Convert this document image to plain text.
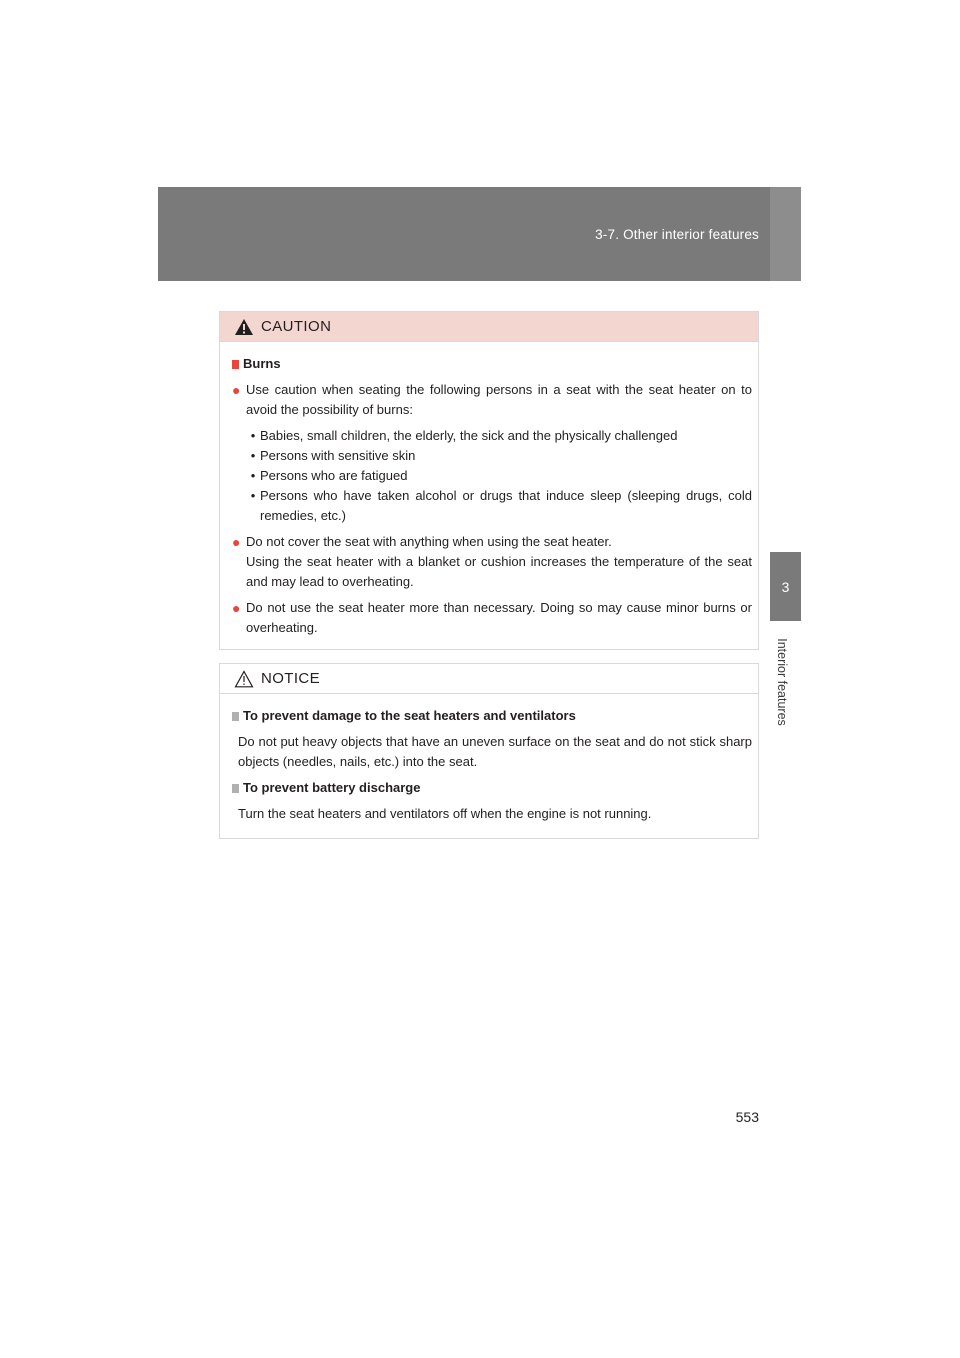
3-7. Other interior features
3
Interior features
CAUTION
Burns
● Use caution when seating the following persons in a seat with the seat heater on to avoid the possibility of burns:
• Babies, small children, the elderly, the sick and the physically challenged
• Persons with sensitive skin
• Persons who are fatigued
• Persons who have taken alcohol or drugs that induce sleep (sleeping drugs, cold remedies, etc.)
● Do not cover the seat with anything when using the seat heater.
Using the seat heater with a blanket or cushion increases the temperature of the seat and may lead to overheating.
● Do not use the seat heater more than necessary. Doing so may cause minor burns or overheating.
NOTICE
To prevent damage to the seat heaters and ventilators
Do not put heavy objects that have an uneven surface on the seat and do not stick sharp objects (needles, nails, etc.) into the seat.
To prevent battery discharge
Turn the seat heaters and ventilators off when the engine is not running.
553
